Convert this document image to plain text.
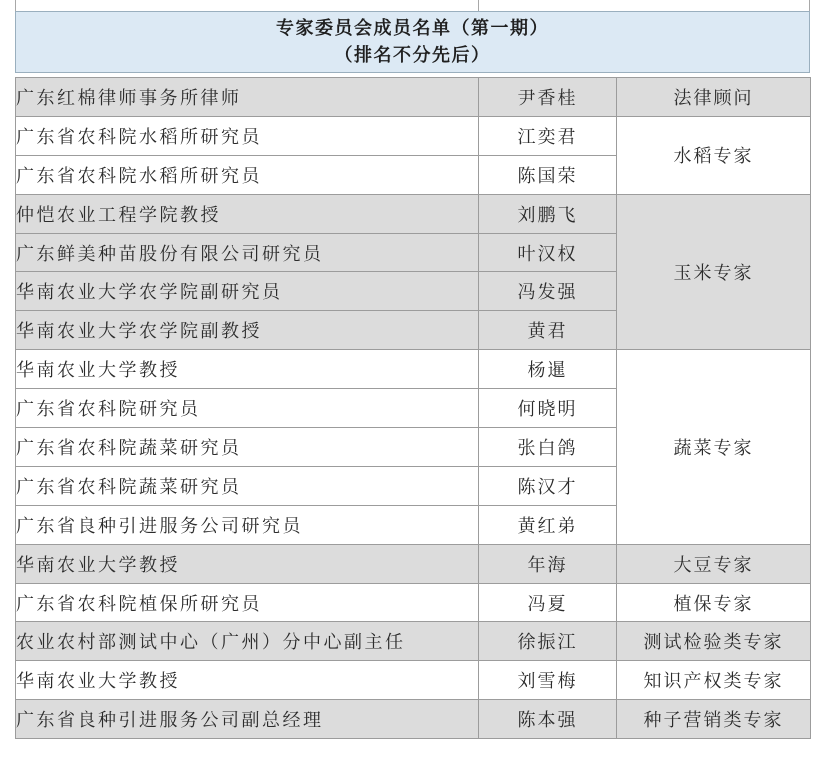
专家委员会成员名单（第一期）
（排名不分先后）
广东红棉律师事务所律师	尹香桂	法律顾问
广东省农科院水稻所研究员	江奕君	水稻专家
广东省农科院水稻所研究员	陈国荣	
仲恺农业工程学院教授	刘鹏飞	玉米专家
广东鲜美种苗股份有限公司研究员	叶汉权	
华南农业大学农学院副研究员	冯发强	
华南农业大学农学院副教授	黄君	
华南农业大学教授	杨暹	蔬菜专家
广东省农科院研究员	何晓明	
广东省农科院蔬菜研究员	张白鸽	
广东省农科院蔬菜研究员	陈汉才	
广东省良种引进服务公司研究员	黄红弟	
华南农业大学教授	年海	大豆专家
广东省农科院植保所研究员	冯夏	植保专家
农业农村部测试中心（广州）分中心副主任	徐振江	测试检验类专家
华南农业大学教授	刘雪梅	知识产权类专家
广东省良种引进服务公司副总经理	陈本强	种子营销类专家
